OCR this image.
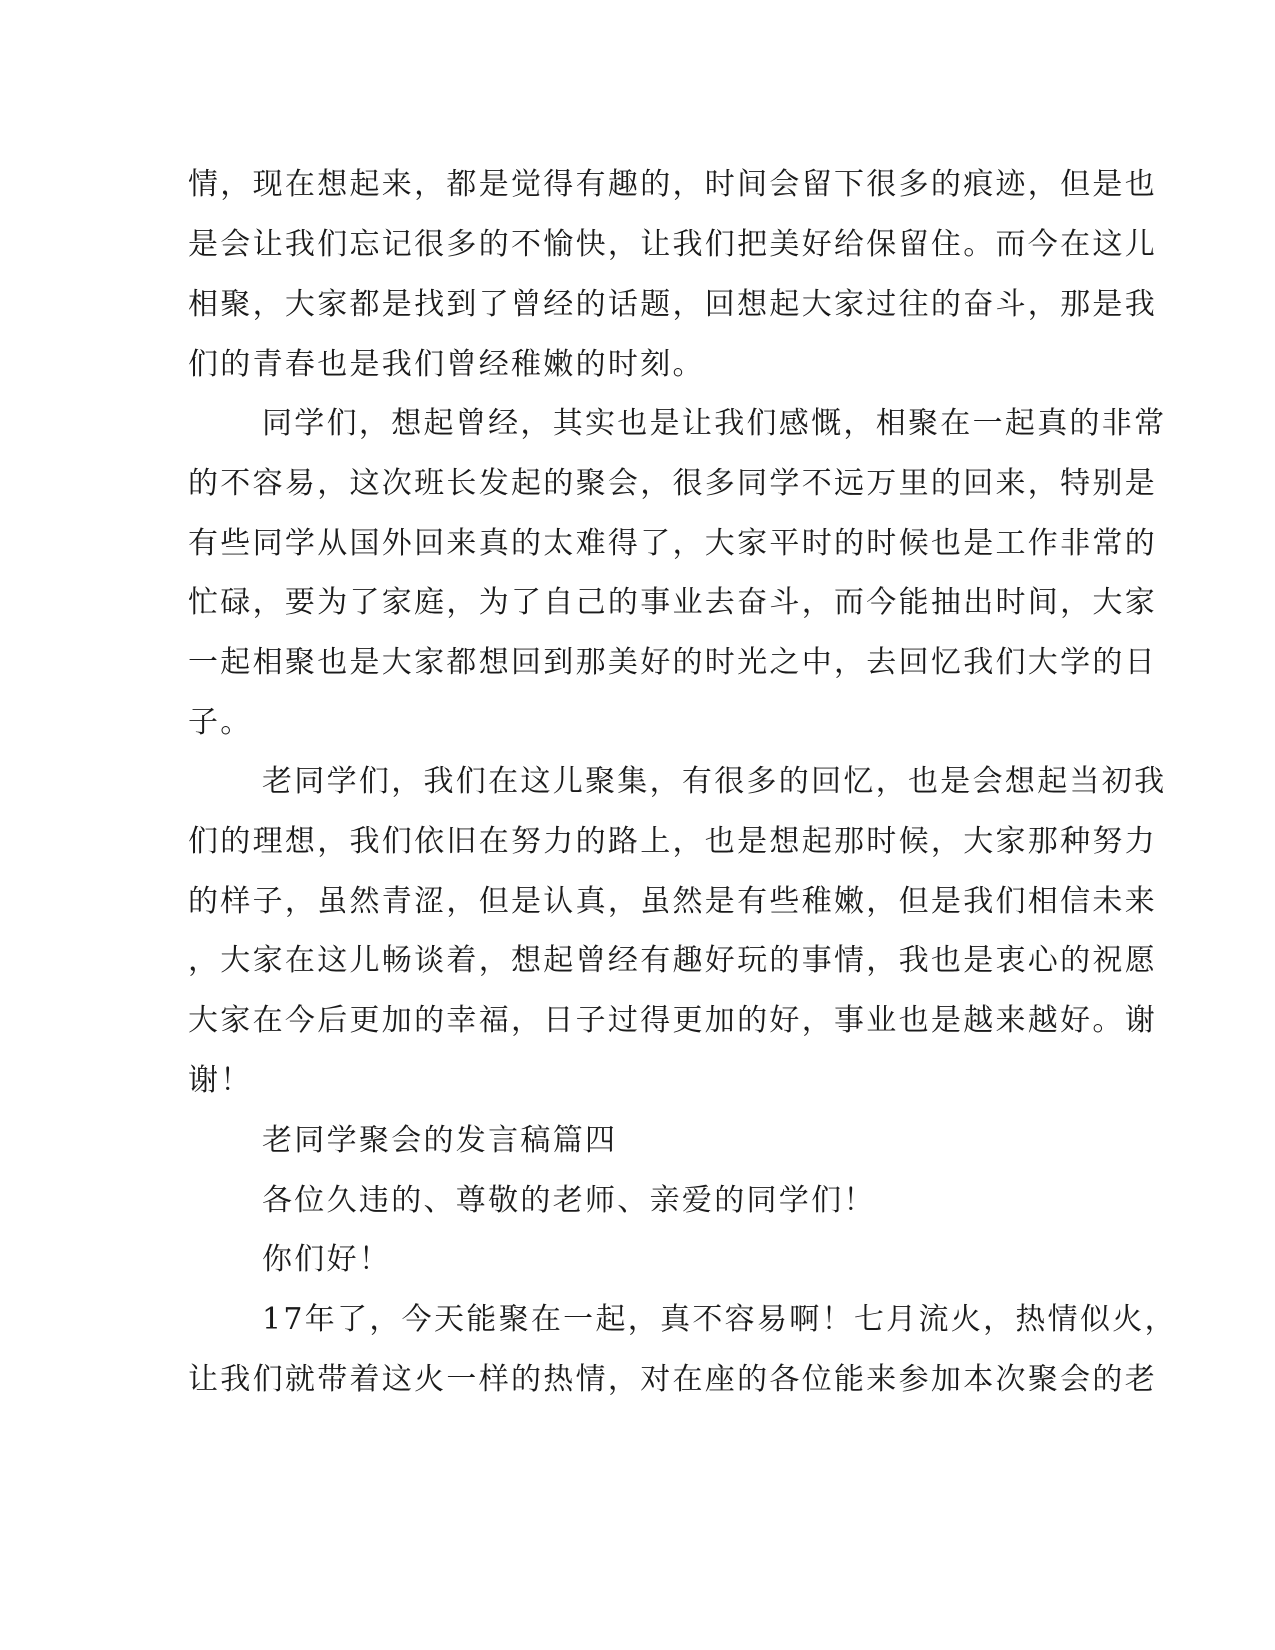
情，现在想起来，都是觉得有趣的，时间会留下很多的痕迹，但是也
是会让我们忘记很多的不愉快，让我们把美好给保留住。而今在这儿
相聚，大家都是找到了曾经的话题，回想起大家过往的奋斗，那是我
们的青春也是我们曾经稚嫩的时刻。
同学们，想起曾经，其实也是让我们感慨，相聚在一起真的非常
的不容易，这次班长发起的聚会，很多同学不远万里的回来，特别是
有些同学从国外回来真的太难得了，大家平时的时候也是工作非常的
忙碌，要为了家庭，为了自己的事业去奋斗，而今能抽出时间，大家
一起相聚也是大家都想回到那美好的时光之中，去回忆我们大学的日
子。
老同学们，我们在这儿聚集，有很多的回忆，也是会想起当初我
们的理想，我们依旧在努力的路上，也是想起那时候，大家那种努力
的样子，虽然青涩，但是认真，虽然是有些稚嫩，但是我们相信未来
，大家在这儿畅谈着，想起曾经有趣好玩的事情，我也是衷心的祝愿
大家在今后更加的幸福，日子过得更加的好，事业也是越来越好。谢
谢！
老同学聚会的发言稿篇四
各位久违的、尊敬的老师、亲爱的同学们！
你们好！
17年了，今天能聚在一起，真不容易啊！七月流火，热情似火，
让我们就带着这火一样的热情，对在座的各位能来参加本次聚会的老
